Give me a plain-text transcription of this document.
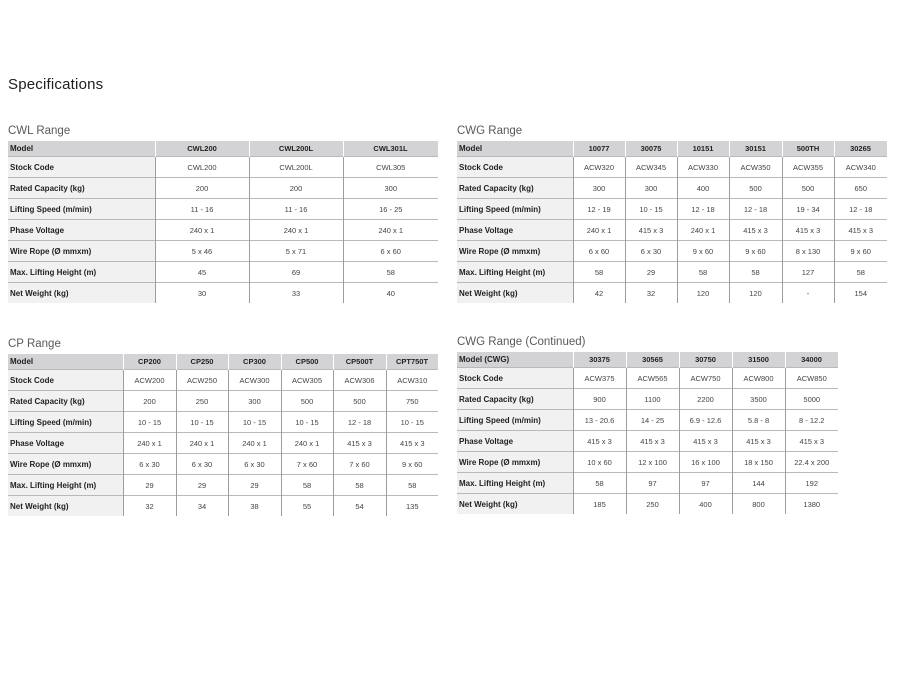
Specifications
CWL Range
Model	CWL200	CWL200L	CWL301L
Stock Code	CWL200	CWL200L	CWL305
Rated Capacity (kg)	200	200	300
Lifting Speed (m/min)	11 - 16	11 - 16	16 - 25
Phase Voltage	240 x 1	240 x 1	240 x 1
Wire Rope (Ø mmxm)	5 x 46	5 x 71	6 x 60
Max. Lifting Height (m)	45	69	58
Net Weight (kg)	30	33	40
CWG Range
Model	10077	30075	10151	30151	500TH	30265
Stock Code	ACW320	ACW345	ACW330	ACW350	ACW355	ACW340
Rated Capacity (kg)	300	300	400	500	500	650
Lifting Speed (m/min)	12 - 19	10 - 15	12 - 18	12 - 18	19 - 34	12 - 18
Phase Voltage	240 x 1	415 x 3	240 x 1	415 x 3	415 x 3	415 x 3
Wire Rope (Ø mmxm)	6 x 60	6 x 30	9 x 60	9 x 60	8 x 130	9 x 60
Max. Lifting Height (m)	58	29	58	58	127	58
Net Weight (kg)	42	32	120	120	-	154
CP Range
Model	CP200	CP250	CP300	CP500	CP500T	CPT750T
Stock Code	ACW200	ACW250	ACW300	ACW305	ACW306	ACW310
Rated Capacity (kg)	200	250	300	500	500	750
Lifting Speed (m/min)	10 - 15	10 - 15	10 - 15	10 - 15	12 - 18	10 - 15
Phase Voltage	240 x 1	240 x 1	240 x 1	240 x 1	415 x 3	415 x 3
Wire Rope (Ø mmxm)	6 x 30	6 x 30	6 x 30	7 x 60	7 x 60	9 x 60
Max. Lifting Height (m)	29	29	29	58	58	58
Net Weight (kg)	32	34	38	55	54	135
CWG Range (Continued)
Model (CWG)	30375	30565	30750	31500	34000
Stock Code	ACW375	ACW565	ACW750	ACW800	ACW850
Rated Capacity (kg)	900	1100	2200	3500	5000
Lifting Speed (m/min)	13 - 20.6	14 - 25	6.9 - 12.6	5.8 - 8	8 - 12.2
Phase Voltage	415 x 3	415 x 3	415 x 3	415 x 3	415 x 3
Wire Rope (Ø mmxm)	10 x 60	12 x 100	16 x 100	18 x 150	22.4 x 200
Max. Lifting Height (m)	58	97	97	144	192
Net Weight (kg)	185	250	400	800	1380
